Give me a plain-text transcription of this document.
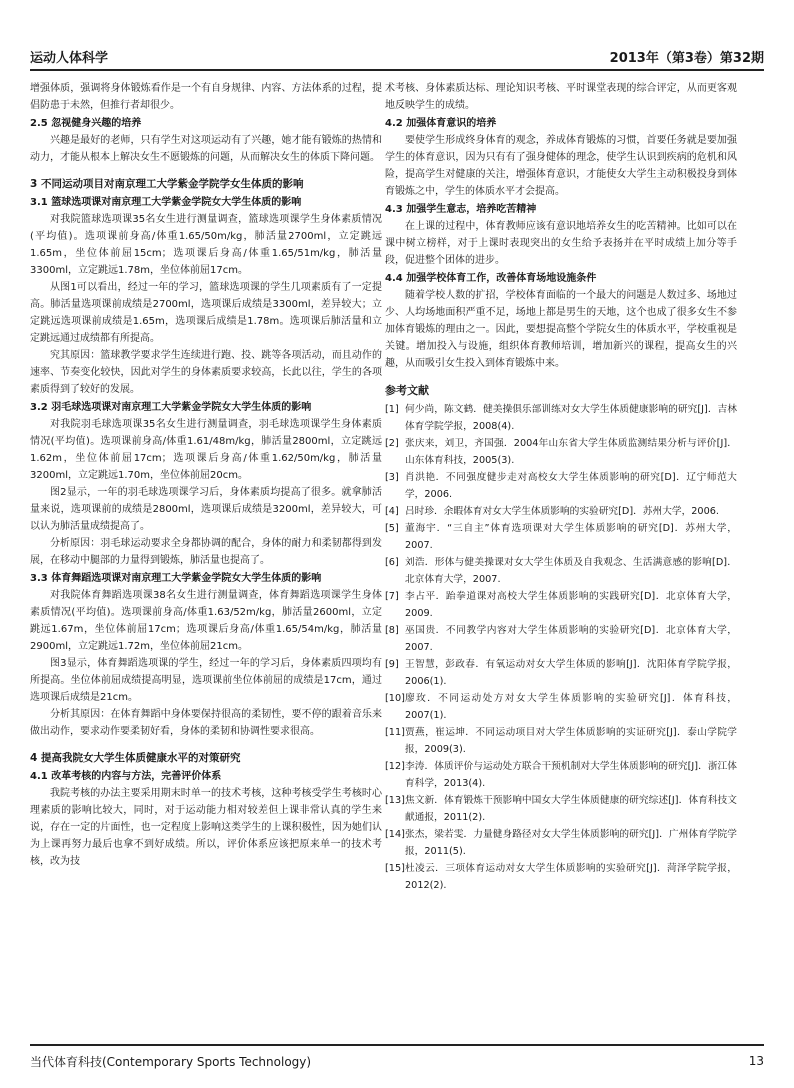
运动人体科学	2013年（第3卷）第32期

增强体质，强调将身体锻炼看作是一个有自身规律、内容、方法体系的过程，提倡防患于未然，但推行者却很少。

2.5 忽视健身兴趣的培养

兴趣是最好的老师，只有学生对这项运动有了兴趣，她才能有锻炼的热情和动力，才能从根本上解决女生不愿锻炼的问题，从而解决女生的体质下降问题。

3 不同运动项目对南京理工大学紫金学院学女生体质的影响
3.1 篮球选项课对南京理工大学紫金学院女大学生体质的影响

对我院篮球选项课35名女生进行测量调查，篮球选项课学生身体素质情况(平均值)。选项课前身高/体重1.65/50m/kg，肺活量2700ml，立定跳远1.65m，坐位体前屈15cm；选项课后身高/体重1.65/51m/kg，肺活量3300ml，立定跳远1.78m，坐位体前屈17cm。

从图1可以看出，经过一年的学习，篮球选项课的学生几项素质有了一定提高。肺活量选项课前成绩是2700ml，选项课后成绩是3300ml，差异较大；立定跳远选项课前成绩是1.65m，选项课后成绩是1.78m。选项课后肺活量和立定跳远通过成绩都有所提高。

究其原因：篮球教学要求学生连续进行跑、投、跳等各项活动，而且动作的速率、节奏变化较快，因此对学生的身体素质要求较高，长此以往，学生的各项素质得到了较好的发展。

3.2 羽毛球选项课对南京理工大学紫金学院女大学生体质的影响

对我院羽毛球选项课35名女生进行测量调查，羽毛球选项课学生身体素质情况(平均值)。选项课前身高/体重1.61/48m/kg，肺活量2800ml，立定跳远1.62m，坐位体前屈17cm；选项课后身高/体重1.62/50m/kg，肺活量3200ml，立定跳远1.70m，坐位体前屈20cm。

图2显示，一年的羽毛球选项课学习后，身体素质均提高了很多。就拿肺活量来说，选项课前的成绩是2800ml，选项课后成绩是3200ml，差异较大，可以认为肺活量成绩提高了。

分析原因：羽毛球运动要求全身都协调的配合，身体的耐力和柔韧都得到发展，在移动中腿部的力量得到锻炼，肺活量也提高了。

3.3 体育舞蹈选项课对南京理工大学紫金学院女大学生体质的影响

对我院体育舞蹈选项课38名女生进行测量调查，体育舞蹈选项课学生身体素质情况(平均值)。选项课前身高/体重1.63/52m/kg，肺活量2600ml，立定跳远1.67m，坐位体前屈17cm；选项课后身高/体重1.65/54m/kg，肺活量2900ml，立定跳远1.72m，坐位体前屈21cm。

图3显示，体育舞蹈选项课的学生，经过一年的学习后，身体素质四项均有所提高。坐位体前屈成绩提高明显，选项课前坐位体前屈的成绩是17cm，通过选项课后成绩是21cm。

分析其原因：在体育舞蹈中身体要保持很高的柔韧性，要不停的跟着音乐来做出动作，要求动作要柔韧好看，身体的柔韧和协调性要求很高。

4 提高我院女大学生体质健康水平的对策研究
4.1 改革考核的内容与方法，完善评价体系

我院考核的办法主要采用期末时单一的技术考核，这种考核受学生考核时心理素质的影响比较大，同时，对于运动能力相对较差但上课非常认真的学生来说，存在一定的片面性，也一定程度上影响这类学生的上课积极性，因为她们认为上课再努力最后也拿不到好成绩。所以，评价体系应该把原来单一的技术考核，改为技

术考核、身体素质达标、理论知识考核、平时课堂表现的综合评定，从而更客观地反映学生的成绩。

4.2 加强体育意识的培养

要使学生形成终身体育的观念，养成体育锻炼的习惯，首要任务就是要加强学生的体育意识，因为只有有了强身健体的理念，使学生认识到疾病的危机和风险，提高学生对健康的关注，增强体育意识，才能使女大学生主动积极投身到体育锻炼之中，学生的体质水平才会提高。

4.3 加强学生意志，培养吃苦精神

在上课的过程中，体育教师应该有意识地培养女生的吃苦精神。比如可以在课中树立榜样，对于上课时表现突出的女生给予表扬并在平时成绩上加分等手段，促进整个团体的进步。

4.4 加强学校体育工作，改善体育场地设施条件

随着学校人数的扩招，学校体育面临的一个最大的问题是人数过多、场地过少、人均场地面积严重不足，场地上都是男生的天地，这个也成了很多女生不参加体育锻炼的理由之一。因此，要想提高整个学院女生的体质水平，学校重视是关键。增加投入与设施，组织体育教师培训，增加新兴的课程，提高女生的兴趣，从而吸引女生投入到体育锻炼中来。

参考文献
[1] 何少尚，陈文鹤．健美操俱乐部训练对女大学生体质健康影响的研究[J]．吉林体育学院学报，2008(4).
[2] 张庆来，刘卫，齐国强．2004年山东省大学生体质监测结果分析与评价[J]．山东体育科技，2005(3).
[3] 肖洪艳．不同强度健步走对高校女大学生体质影响的研究[D]．辽宁师范大学，2006.
[4] 吕时珍．余暇体育对女大学生体质影响的实验研究[D]．苏州大学，2006.
[5] 董海宇．“三自主”体育选项课对大学生体质影响的研究[D]．苏州大学，2007.
[6] 刘浩．形体与健美操课对女大学生体质及自我观念、生活满意感的影响[D]．北京体育大学，2007.
[7] 李占平．跆拳道课对高校大学生体质影响的实践研究[D]．北京体育大学，2009.
[8] 巫国贵．不同教学内容对大学生体质影响的实验研究[D]．北京体育大学，2007.
[9] 王智慧，彭政春．有氧运动对女大学生体质的影响[J]．沈阳体育学院学报，2006(1).
[10] 廖玫．不同运动处方对女大学生体质影响的实验研究[J]．体育科技，2007(1).
[11] 贾燕，崔运坤．不同运动项目对大学生体质影响的实证研究[J]．泰山学院学报，2009(3).
[12] 李涛．体质评价与运动处方联合干预机制对大学生体质影响的研究[J]．浙江体育科学，2013(4).
[13] 焦文新．体育锻炼干预影响中国女大学生体质健康的研究综述[J]．体育科技文献通报，2011(2).
[14] 张杰，梁若雯．力量健身路径对女大学生体质影响的研究[J]．广州体育学院学报，2011(5).
[15] 杜凌云．三项体育运动对女大学生体质影响的实验研究[J]．菏泽学院学报，2012(2).
当代体育科技(Contemporary Sports Technology)	13
